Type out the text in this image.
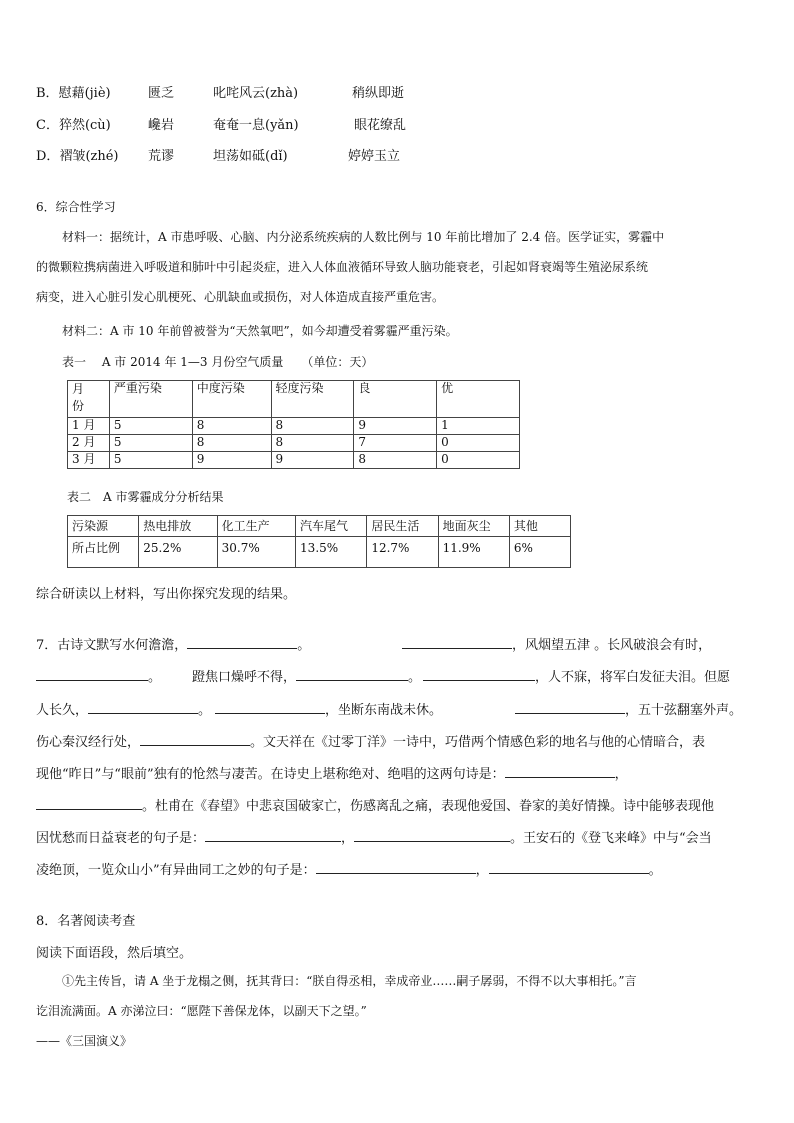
B．慰藉(jiè)	匮乏	叱咤风云(zhà)	稍纵即逝
C．猝然(cù)	巉岩	奄奄一息(yǎn)	眼花缭乱
D．褶皱(zhé) 荒谬	坦荡如砥(dǐ)	婷婷玉立
6．综合性学习
材料一：据统计，A 市患呼吸、心脑、内分泌系统疾病的人数比例与 10 年前比增加了 2.4 倍。医学证实，雾霾中
的微颗粒携病菌进入呼吸道和肺叶中引起炎症，进入人体血液循环导致人脑功能衰老，引起如肾衰竭等生殖泌尿系统
病变，进入心脏引发心肌梗死、心肌缺血或损伤，对人体造成直接严重危害。
材料二：A 市 10 年前曾被誉为“天然氧吧”，如今却遭受着雾霾严重污染。
表一　 A 市 2014 年 1—3 月份空气质量　　（单位：天）
月
份	严重污染	中度污染	轻度污染	良	优
1 月	5	8	8	9	1
2 月	5	8	8	7	0
3 月	5	9	9	8	0
表二　A 市雾霾成分分析结果
污染源	热电排放	化工生产	汽车尾气	居民生活	地面灰尘	其他
所占比例	25.2%	30.7%	13.5%	12.7%	11.9%	6%
综合研读以上材料，写出你探究发现的结果。
7．古诗文默写水何澹澹，	。	，风烟望五津 。长风破浪会有时，
。 蹬焦口燥呼不得，	。	，人不寐，将军白发征夫泪。但愿
人长久，	。	，坐断东南战未休。	，五十弦翻塞外声。
伤心秦汉经行处，	。文天祥在《过零丁洋》一诗中，巧借两个情感色彩的地名与他的心情暗合，表
现他“昨日”与“眼前”独有的怆然与凄苦。在诗史上堪称绝对、绝唱的这两句诗是：	，
。杜甫在《春望》中悲哀国破家亡，伤感离乱之痛，表现他爱国、眷家的美好情操。诗中能够表现他
因忧愁而日益衰老的句子是：	，	。王安石的《登飞来峰》中与“会当
凌绝顶，一览众山小”有异曲同工之妙的句子是：	，	。
8．名著阅读考查
阅读下面语段，然后填空。
①先主传旨，请 A 坐于龙榻之侧，抚其背曰：“朕自得丞相，幸成帝业……嗣子孱弱，不得不以大事相托。”言
讫泪流满面。A 亦涕泣曰：“愿陛下善保龙体，以副天下之望。”
——《三国演义》
